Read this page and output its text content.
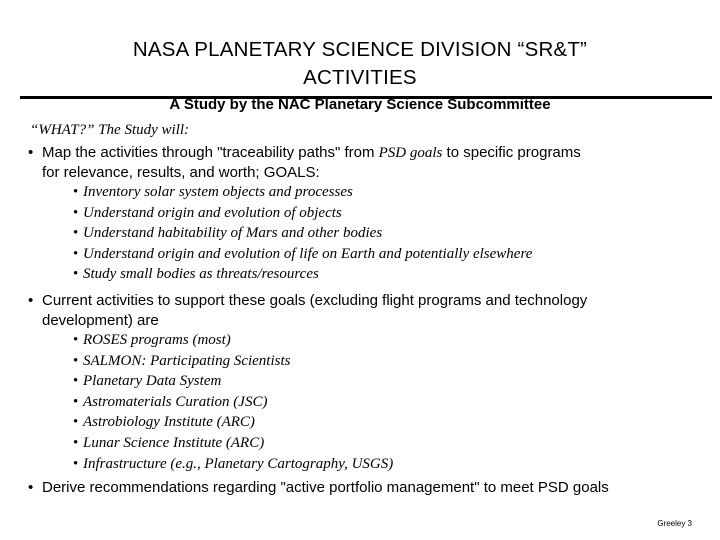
NASA PLANETARY SCIENCE DIVISION “SR&T”
ACTIVITIES
A Study by the NAC Planetary Science Subcommittee
“WHAT?” The Study will:
• Map the activities through "traceability paths" from PSD goals to specific programs
for relevance, results, and worth; GOALS:
• Inventory solar system objects and processes
• Understand origin and evolution of objects
• Understand habitability of Mars and other bodies
• Understand origin and evolution of life on Earth and potentially elsewhere
• Study small bodies as threats/resources
• Current activities to support these goals (excluding flight programs and technology
development) are
• ROSES programs (most)
• SALMON: Participating Scientists
• Planetary Data System
• Astromaterials Curation (JSC)
• Astrobiology Institute (ARC)
• Lunar Science Institute (ARC)
• Infrastructure (e.g., Planetary Cartography, USGS)
• Derive recommendations regarding "active portfolio management" to meet PSD goals
Greeley 3
